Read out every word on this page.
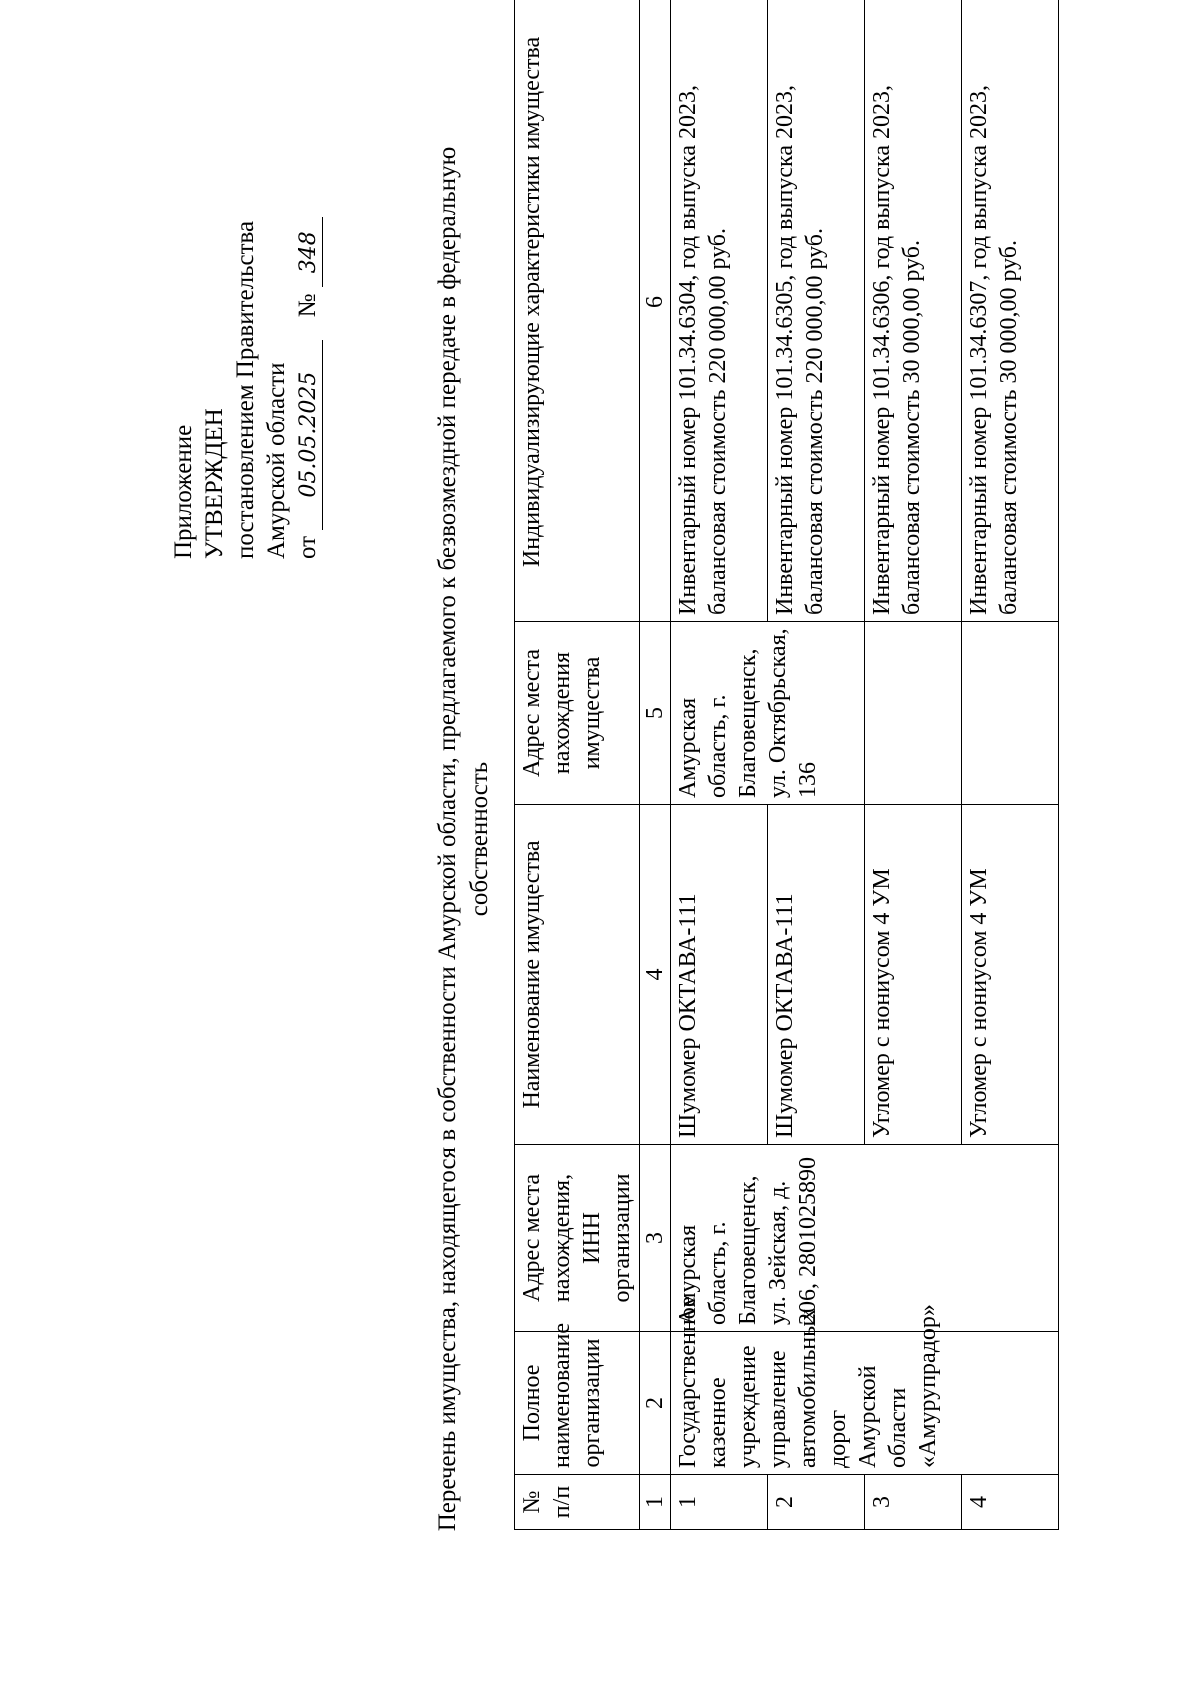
Приложение УТВЕРЖДЕН постановлением Правительства Амурской области от 05.05.2025 № 348	Перечень имущества, находящегося в собственности Амурской области, предлагаемого к безвозмездной передаче в федеральную собственность
№ п/п	Полное наименование организации	Адрес места нахождения, ИНН организации	Наименование имущества	Адрес места нахождения имущества	Индивидуализирующие характеристики имущества
1	2	3	4	5	6
1	Государственное казенное учреждение управление автомобильных дорог Амурской области «Амурупрадор»	Амурская область, г. Благовещенск, ул. Зейская, д. 206, 2801025890	Шумомер ОКТАВА-111	Амурская область, г. Благовещенск, ул. Октябрьская, 136	Инвентарный номер 101.34.6304, год выпуска 2023, балансовая стоимость 220 000,00 руб.
2			Шумомер ОКТАВА-111		Инвентарный номер 101.34.6305, год выпуска 2023, балансовая стоимость 220 000,00 руб.
3			Угломер с нониусом 4 УМ		Инвентарный номер 101.34.6306, год выпуска 2023, балансовая стоимость 30 000,00 руб.
4			Угломер с нониусом 4 УМ		Инвентарный номер 101.34.6307, год выпуска 2023, балансовая стоимость 30 000,00 руб.
